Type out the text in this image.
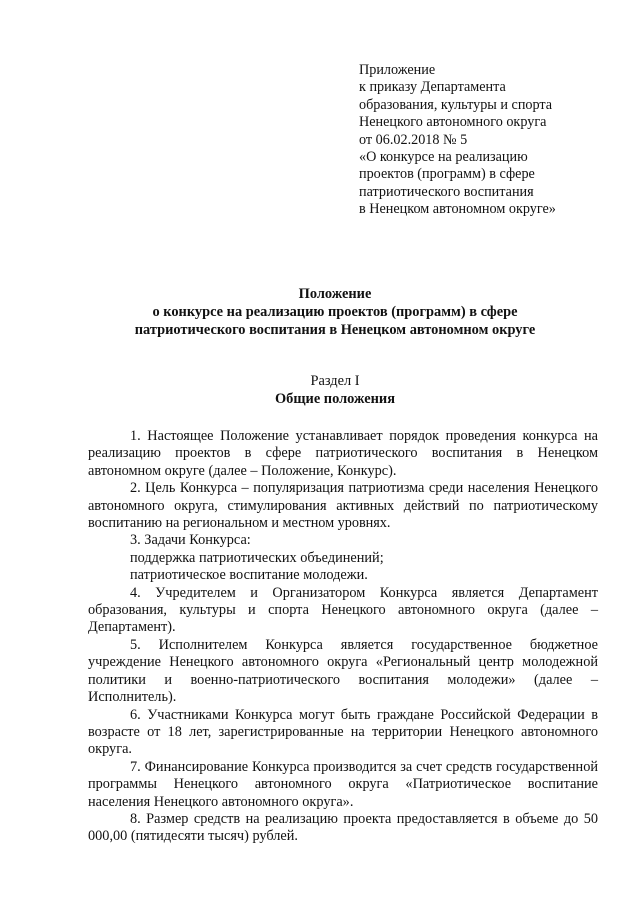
Приложение
к приказу Департамента
образования, культуры и спорта
Ненецкого автономного округа
от 06.02.2018 № 5
«О конкурсе на реализацию
проектов (программ) в сфере
патриотического воспитания
в Ненецком автономном округе»
Положение
о конкурсе на реализацию проектов (программ) в сфере
патриотического воспитания в Ненецком автономном округе
Раздел I
Общие положения

1. Настоящее Положение устанавливает порядок проведения конкурса на реализацию проектов в сфере патриотического воспитания в Ненецком автономном округе (далее – Положение, Конкурс).

2. Цель Конкурса – популяризация патриотизма среди населения Ненецкого автономного округа, стимулирования активных действий по патриотическому воспитанию на региональном и местном уровнях.

3. Задачи Конкурса:

поддержка патриотических объединений;

патриотическое воспитание молодежи.

4. Учредителем и Организатором Конкурса является Департамент образования, культуры и спорта Ненецкого автономного округа (далее – Департамент).

5. Исполнителем Конкурса является государственное бюджетное учреждение Ненецкого автономного округа «Региональный центр молодежной политики и военно-патриотического воспитания молодежи» (далее – Исполнитель).

6. Участниками Конкурса могут быть граждане Российской Федерации в возрасте от 18 лет, зарегистрированные на территории Ненецкого автономного округа.

7. Финансирование Конкурса производится за счет средств государственной программы Ненецкого автономного округа «Патриотическое воспитание населения Ненецкого автономного округа».

8. Размер средств на реализацию проекта предоставляется в объеме до 50 000,00 (пятидесяти тысяч) рублей.
